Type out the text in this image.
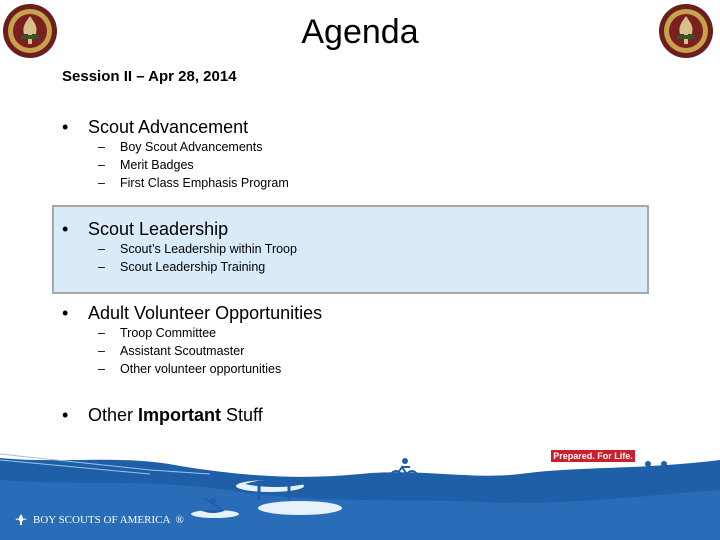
Agenda
Session II – Apr 28, 2014
• Scout Advancement
– Boy Scout Advancements
– Merit Badges
– First Class Emphasis Program
• Scout Leadership
– Scout’s Leadership within Troop
– Scout Leadership Training
• Adult Volunteer Opportunities
– Troop Committee
– Assistant Scoutmaster
– Other volunteer opportunities
• Other Important Stuff
Prepared. For Life.
BOY SCOUTS OF AMERICA ®
